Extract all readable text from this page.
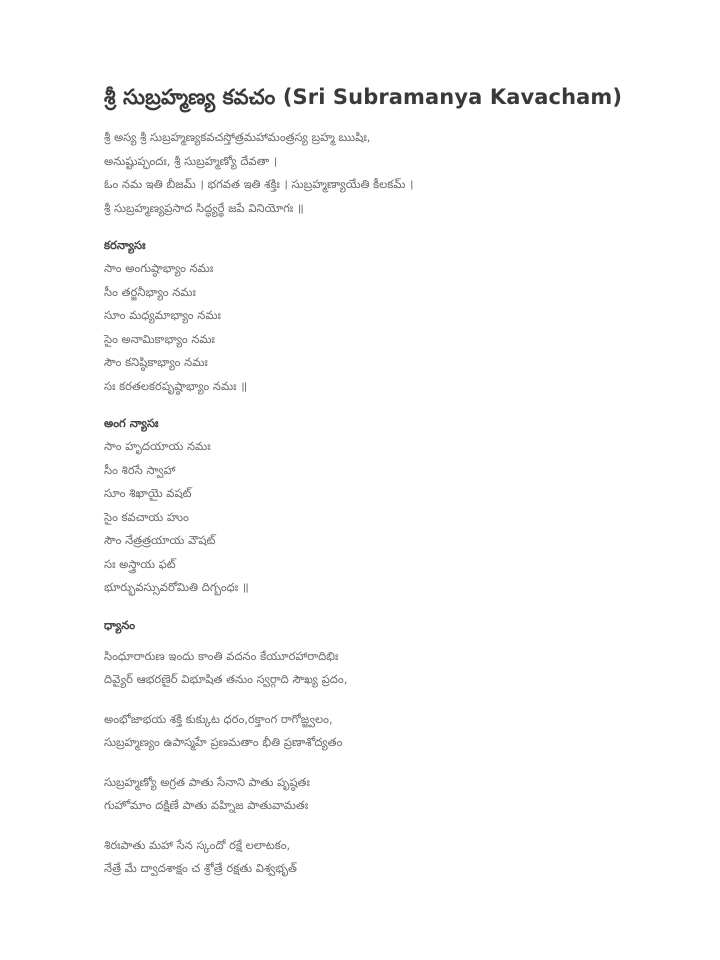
శ్రీ సుబ్రహ్మణ్య కవచం (Sri Subramanya Kavacham)
శ్రీ అస్య శ్రీ సుబ్రహ్మణ్యకవచస్తోత్రమహామంత్రస్య బ్రహ్మ ఋషిః,
అనుష్టుప్ఛందః, శ్రీ సుబ్రహ్మణ్యో దేవతా ।
ఓం నమ ఇతి బీజమ్ । భగవత ఇతి శక్తిః । సుబ్రహ్మణ్యాయేతి కీలకమ్ ।
శ్రీ సుబ్రహ్మణ్యప్రసాద సిద్ధ్యర్థే జపే వినియోగః ॥
కరన్యాసః
సాం అంగుష్ఠాభ్యాం నమః
సీం తర్జనీభ్యాం నమః
సూం మధ్యమాభ్యాం నమః
సైం అనామికాభ్యాం నమః
సౌం కనిష్ఠికాభ్యాం నమః
సః కరతలకరపృష్ఠాభ్యాం నమః ॥
అంగ న్యాసః
సాం హృదయాయ నమః
సీం శిరసే స్వాహా
సూం శిఖాయై వషట్
సైం కవచాయ హుం
సౌం నేత్రత్రయాయ వౌషట్
సః అస్త్రాయ ఫట్
భూర్భువస్సువరోమితి దిగ్బంధః ॥
ధ్యానం
సింధూరారుణ ఇందు కాంతి వదనం కేయూరహారాదిభిః
దివ్యైర్ ఆభరణైర్ విభూషిత తనుం స్వర్గాది సౌఖ్య ప్రదం,
అంభోజాభయ శక్తి కుక్కుట ధరం,రక్తాంగ రాగోజ్జ్వలం,
సుబ్రహ్మణ్యం ఉపాస్మహే ప్రణమతాం భీతి ప్రణాశోద్యతం
సుబ్రహ్మణ్యో అగ్రత పాతు సేనాని పాతు పృష్ఠతః
గుహోమాం దక్షిణే పాతు వహ్నిజ పాతువామతః
శిరఃపాతు మహా సేన స్కందో రక్షే లలాటకం,
నేత్రే మే ద్వాదశాక్షం చ శ్రోత్రే రక్షతు విశ్వభృత్
